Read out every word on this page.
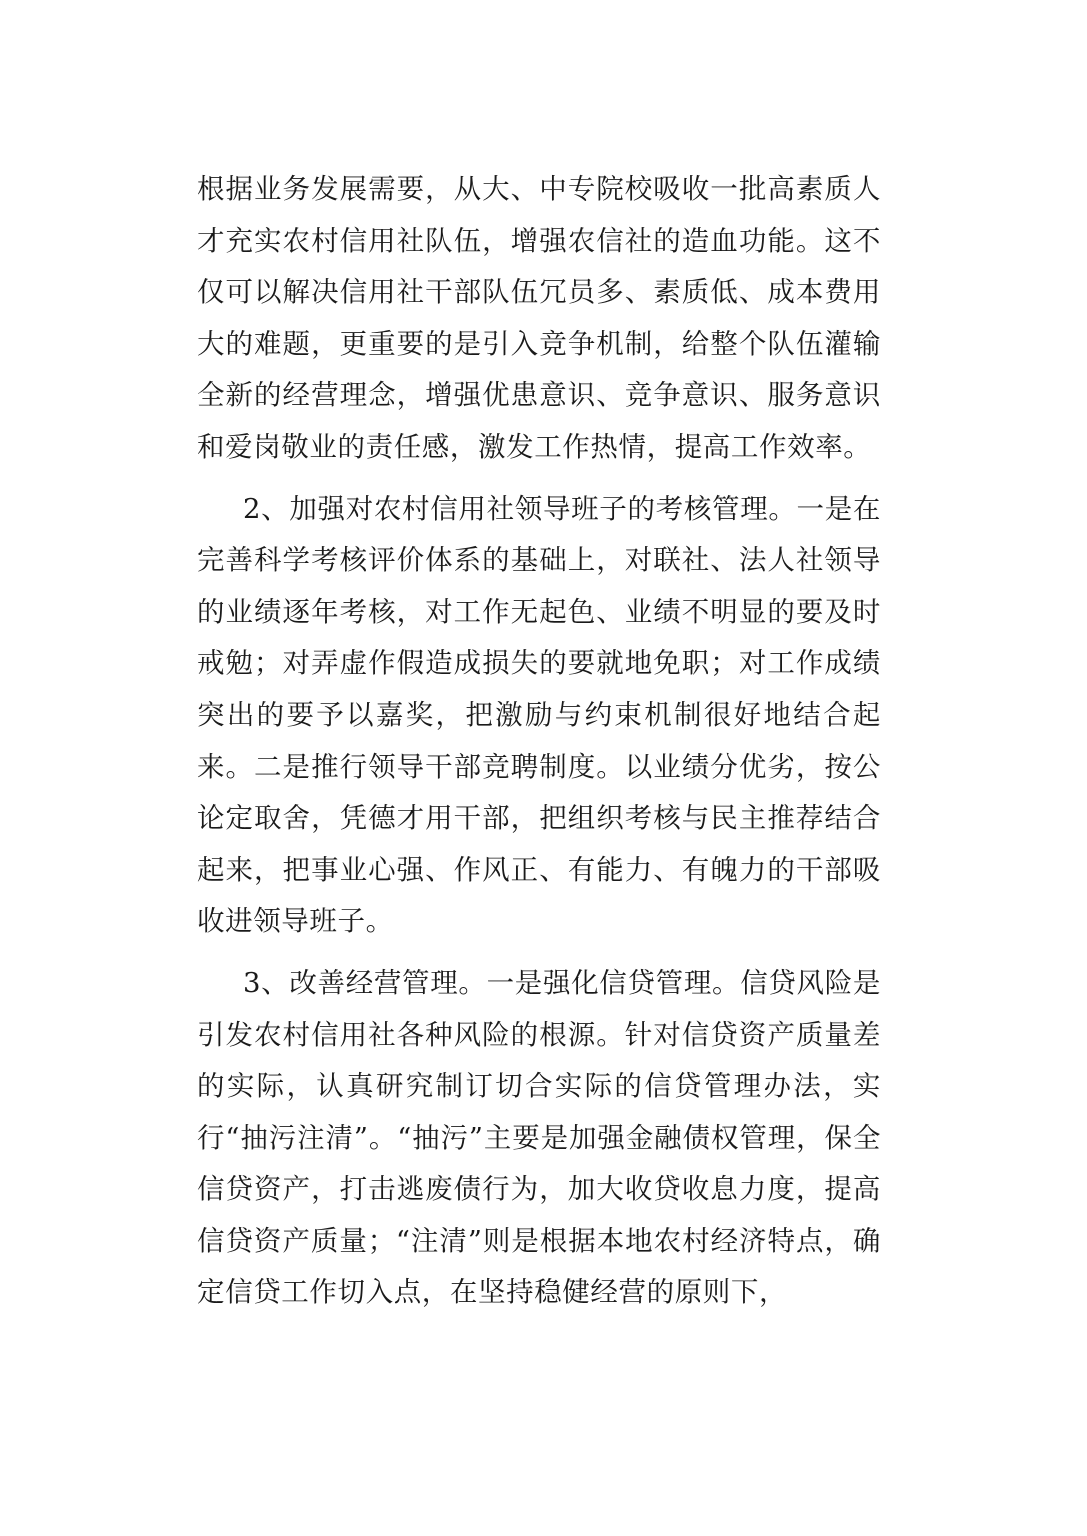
根据业务发展需要，从大、中专院校吸收一批高素质人才充实农村信用社队伍，增强农信社的造血功能。这不仅可以解决信用社干部队伍冗员多、素质低、成本费用大的难题，更重要的是引入竞争机制，给整个队伍灌输全新的经营理念，增强优患意识、竞争意识、服务意识和爱岗敬业的责任感，激发工作热情，提高工作效率。

2、加强对农村信用社领导班子的考核管理。一是在完善科学考核评价体系的基础上，对联社、法人社领导的业绩逐年考核，对工作无起色、业绩不明显的要及时戒勉；对弄虚作假造成损失的要就地免职；对工作成绩突出的要予以嘉奖，把激励与约束机制很好地结合起来。二是推行领导干部竞聘制度。以业绩分优劣，按公论定取舍，凭德才用干部，把组织考核与民主推荐结合起来，把事业心强、作风正、有能力、有魄力的干部吸收进领导班子。

3、改善经营管理。一是强化信贷管理。信贷风险是引发农村信用社各种风险的根源。针对信贷资产质量差的实际，认真研究制订切合实际的信贷管理办法，实行“抽污注清”。“抽污”主要是加强金融债权管理，保全信贷资产，打击逃废债行为，加大收贷收息力度，提高信贷资产质量；“注清”则是根据本地农村经济特点，确定信贷工作切入点，在坚持稳健经营的原则下，
